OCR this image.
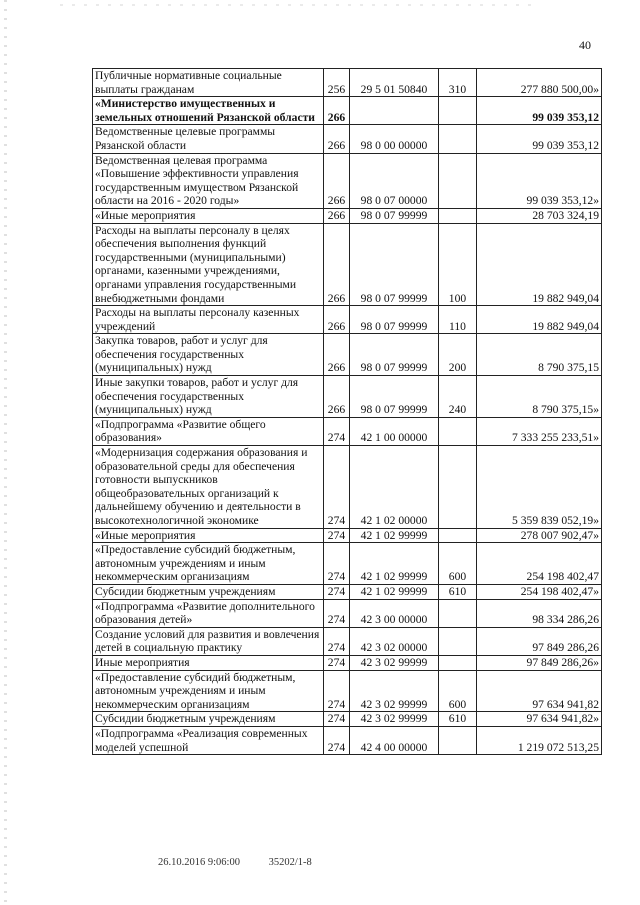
40
Публичные нормативные социальные выплаты гражданам	256	29 5 01 50840	310	277 880 500,00»
«Министерство имущественных и земельных отношений Рязанской области	266			99 039 353,12
Ведомственные целевые программы Рязанской области	266	98 0 00 00000		99 039 353,12
Ведомственная целевая программа «Повышение эффективности управления государственным имуществом Рязанской области на 2016 - 2020 годы»	266	98 0 07 00000		99 039 353,12»
«Иные мероприятия	266	98 0 07 99999		28 703 324,19
Расходы на выплаты персоналу в целях обеспечения выполнения функций государственными (муниципальными) органами, казенными учреждениями, органами управления государственными внебюджетными фондами	266	98 0 07 99999	100	19 882 949,04
Расходы на выплаты персоналу казенных учреждений	266	98 0 07 99999	110	19 882 949,04
Закупка товаров, работ и услуг для обеспечения государственных (муниципальных) нужд	266	98 0 07 99999	200	8 790 375,15
Иные закупки товаров, работ и услуг для обеспечения государственных (муниципальных) нужд	266	98 0 07 99999	240	8 790 375,15»
«Подпрограмма «Развитие общего образования»	274	42 1 00 00000		7 333 255 233,51»
«Модернизация содержания образования и образовательной среды для обеспечения готовности выпускников общеобразовательных организаций к дальнейшему обучению и деятельности в высокотехнологичной экономике	274	42 1 02 00000		5 359 839 052,19»
«Иные мероприятия	274	42 1 02 99999		278 007 902,47»
«Предоставление субсидий бюджетным, автономным учреждениям и иным некоммерческим организациям	274	42 1 02 99999	600	254 198 402,47
Субсидии бюджетным учреждениям	274	42 1 02 99999	610	254 198 402,47»
«Подпрограмма «Развитие дополнительного образования детей»	274	42 3 00 00000		98 334 286,26
Создание условий для развития и вовлечения детей в социальную практику	274	42 3 02 00000		97 849 286,26
Иные мероприятия	274	42 3 02 99999		97 849 286,26»
«Предоставление субсидий бюджетным, автономным учреждениям и иным некоммерческим организациям	274	42 3 02 99999	600	97 634 941,82
Субсидии бюджетным учреждениям	274	42 3 02 99999	610	97 634 941,82»
«Подпрограмма «Реализация современных моделей успешной	274	42 4 00 00000		1 219 072 513,25
26.10.2016 9:06:00	35202/1-8
